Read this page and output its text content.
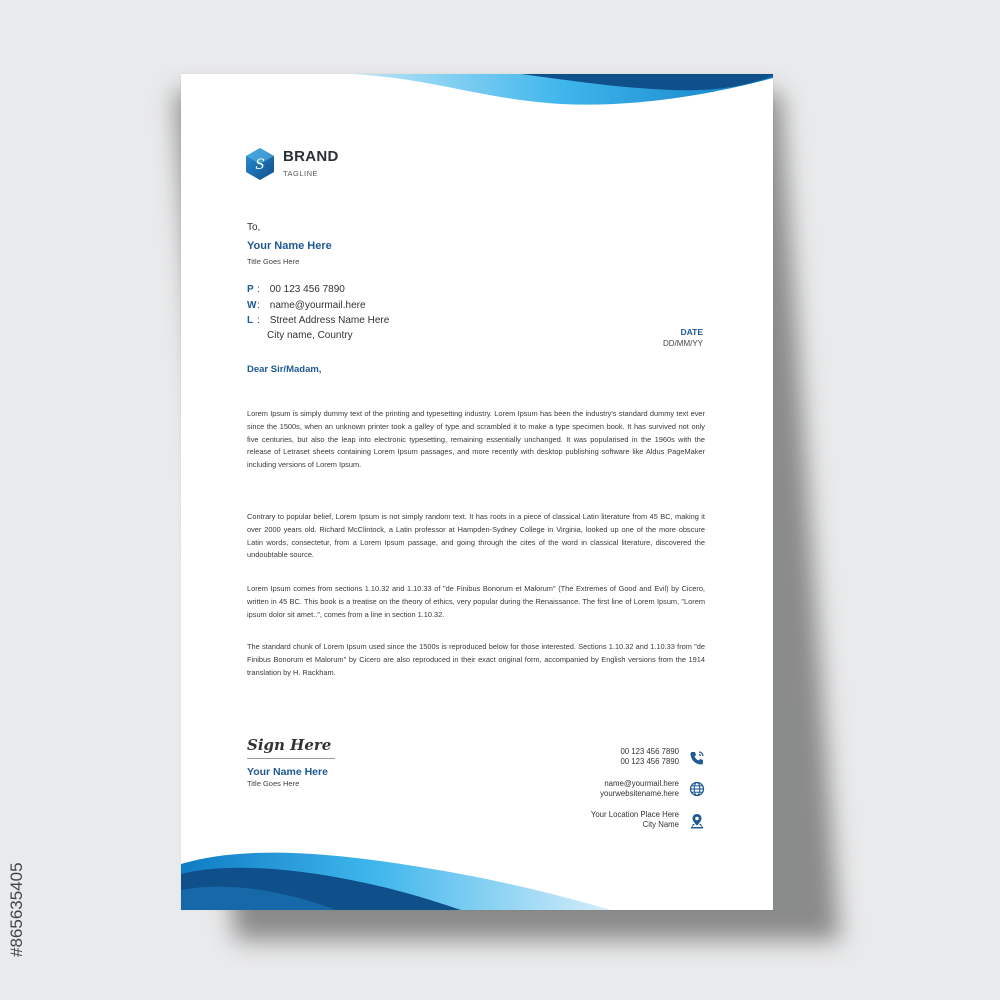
S BRAND
TAGLINE
To,
Your Name Here
Title Goes Here
P : 00 123 456 7890
W: name@yourmail.here
L : Street Address Name Here
City name, Country	DATE
DD/MM/YY
Dear Sir/Madam,
Lorem Ipsum is simply dummy text of the printing and typesetting industry. Lorem Ipsum has been the industry's standard dummy text ever since the 1500s, when an unknown printer took a galley of type and scrambled it to make a type specimen book. It has survived not only five centuries, but also the leap into electronic typesetting, remaining essentially unchanged. It was popularised in the 1960s with the release of Letraset sheets containing Lorem Ipsum passages, and more recently with desktop publishing software like Aldus PageMaker including versions of Lorem Ipsum.
Contrary to popular belief, Lorem Ipsum is not simply random text. It has roots in a piece of classical Latin literature from 45 BC, making it over 2000 years old. Richard McClintock, a Latin professor at Hampden-Sydney College in Virginia, looked up one of the more obscure Latin words, consectetur, from a Lorem Ipsum passage, and going through the cites of the word in classical literature, discovered the undoubtable source.
Lorem Ipsum comes from sections 1.10.32 and 1.10.33 of "de Finibus Bonorum et Malorum" (The Extremes of Good and Evil) by Cicero, written in 45 BC. This book is a treatise on the theory of ethics, very popular during the Renaissance. The first line of Lorem Ipsum, "Lorem ipsum dolor sit amet..", comes from a line in section 1.10.32.
The standard chunk of Lorem Ipsum used since the 1500s is reproduced below for those interested. Sections 1.10.32 and 1.10.33 from "de Finibus Bonorum et Malorum" by Cicero are also reproduced in their exact original form, accompanied by English versions from the 1914 translation by H. Rackham.
Sign Here
Your Name Here
Title Goes Here
00 123 456 7890
00 123 456 7890
name@yourmail.here
yourwebsitename.here
Your Location Place Here
City Name
#865635405
